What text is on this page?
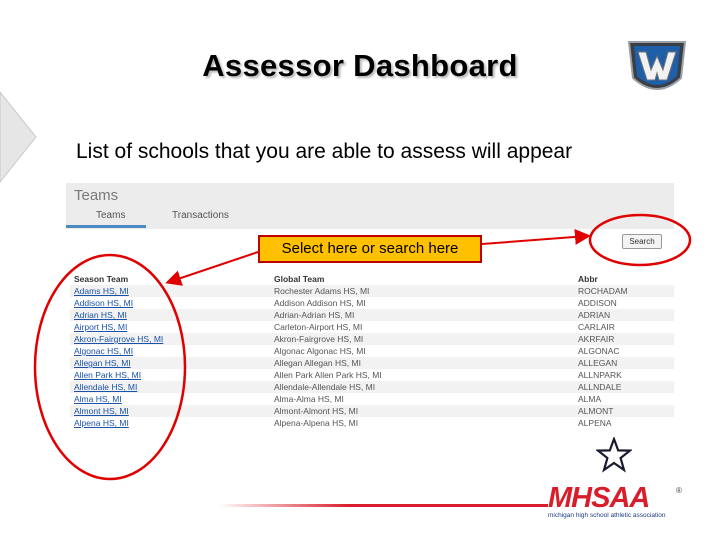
Assessor Dashboard
List of schools that you are able to assess will appear
Teams
Teams	Transactions
Search
Season Team	Global Team	Abbr
Adams HS, MI	Rochester Adams HS, MI	ROCHADAM
Addison HS, MI	Addison Addison HS, MI	ADDISON
Adrian HS, MI	Adrian-Adrian HS, MI	ADRIAN
Airport HS, MI	Carleton-Airport HS, MI	CARLAIR
Akron-Fairgrove HS, MI	Akron-Fairgrove HS, MI	AKRFAIR
Algonac HS, MI	Algonac Algonac HS, MI	ALGONAC
Allegan HS, MI	Allegan Allegan HS, MI	ALLEGAN
Allen Park HS, MI	Allen Park Allen Park HS, MI	ALLNPARK
Allendale HS, MI	Allendale-Allendale HS, MI	ALLNDALE
Alma HS, MI	Alma-Alma HS, MI	ALMA
Almont HS, MI	Almont-Almont HS, MI	ALMONT
Alpena HS, MI	Alpena-Alpena HS, MI	ALPENA
Select here or search here
MHSAA
michigan high school athletic association
®
